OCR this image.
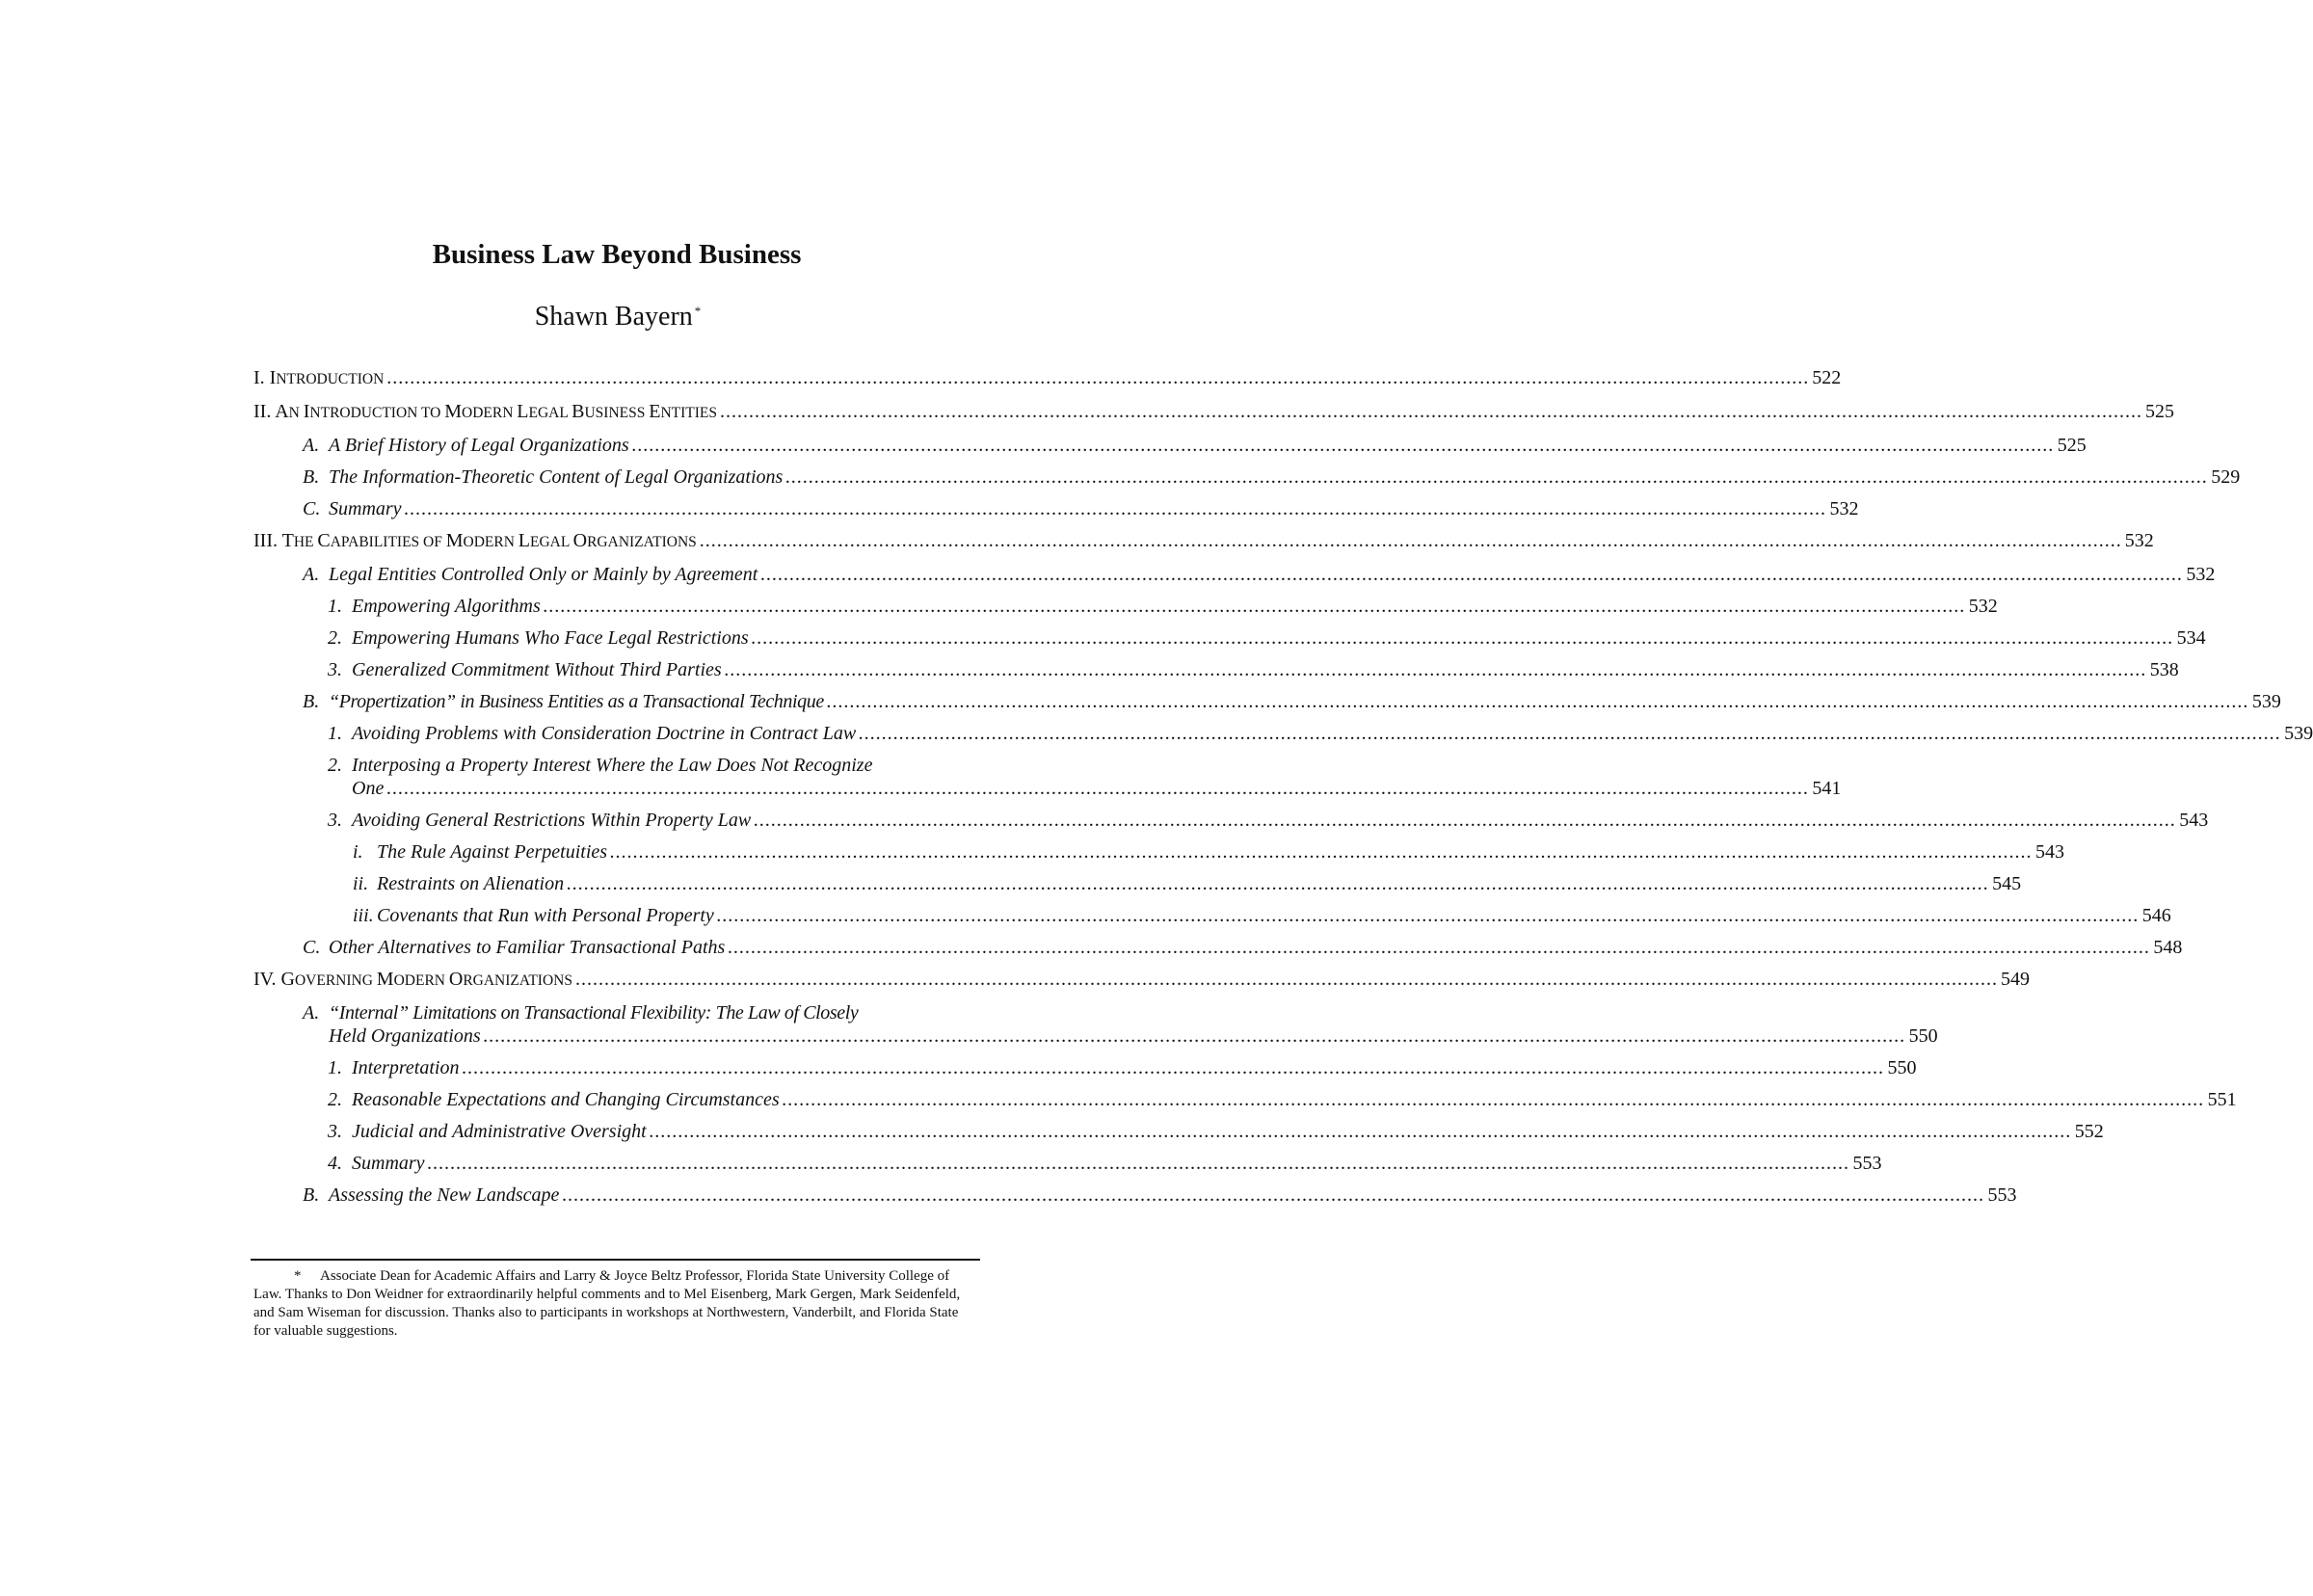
Business Law Beyond Business

Shawn Bayern *

I. INTRODUCTION .....	522
II. AN INTRODUCTION TO MODERN LEGAL BUSINESS ENTITIES .....	525
A. A Brief History of Legal Organizations .....	525
B. The Information-Theoretic Content of Legal Organizations .....	529
C. Summary .....	532
III. THE CAPABILITIES OF MODERN LEGAL ORGANIZATIONS .....	532
A. Legal Entities Controlled Only or Mainly by Agreement .....	532
1. Empowering Algorithms .....	532
2. Empowering Humans Who Face Legal Restrictions .....	534
3. Generalized Commitment Without Third Parties .....	538
B. “Propertization” in Business Entities as a Transactional Technique .....	539
1. Avoiding Problems with Consideration Doctrine in Contract Law .....	539
2. Interposing a Property Interest Where the Law Does Not Recognize
One .....	541
3. Avoiding General Restrictions Within Property Law .....	543
i. The Rule Against Perpetuities .....	543
ii. Restraints on Alienation .....	545
iii. Covenants that Run with Personal Property .....	546
C. Other Alternatives to Familiar Transactional Paths .....	548
IV. GOVERNING MODERN ORGANIZATIONS .....	549
A. “Internal” Limitations on Transactional Flexibility: The Law of Closely
Held Organizations .....	550
1. Interpretation .....	550
2. Reasonable Expectations and Changing Circumstances .....	551
3. Judicial and Administrative Oversight .....	552
4. Summary .....	553
B. Assessing the New Landscape .....	553

* Associate Dean for Academic Affairs and Larry & Joyce Beltz Professor, Florida State University College of Law. Thanks to Don Weidner for extraordinarily helpful comments and to Mel Eisenberg, Mark Gergen, Mark Seidenfeld, and Sam Wiseman for discussion. Thanks also to participants in workshops at Northwestern, Vanderbilt, and Florida State for valuable suggestions.
